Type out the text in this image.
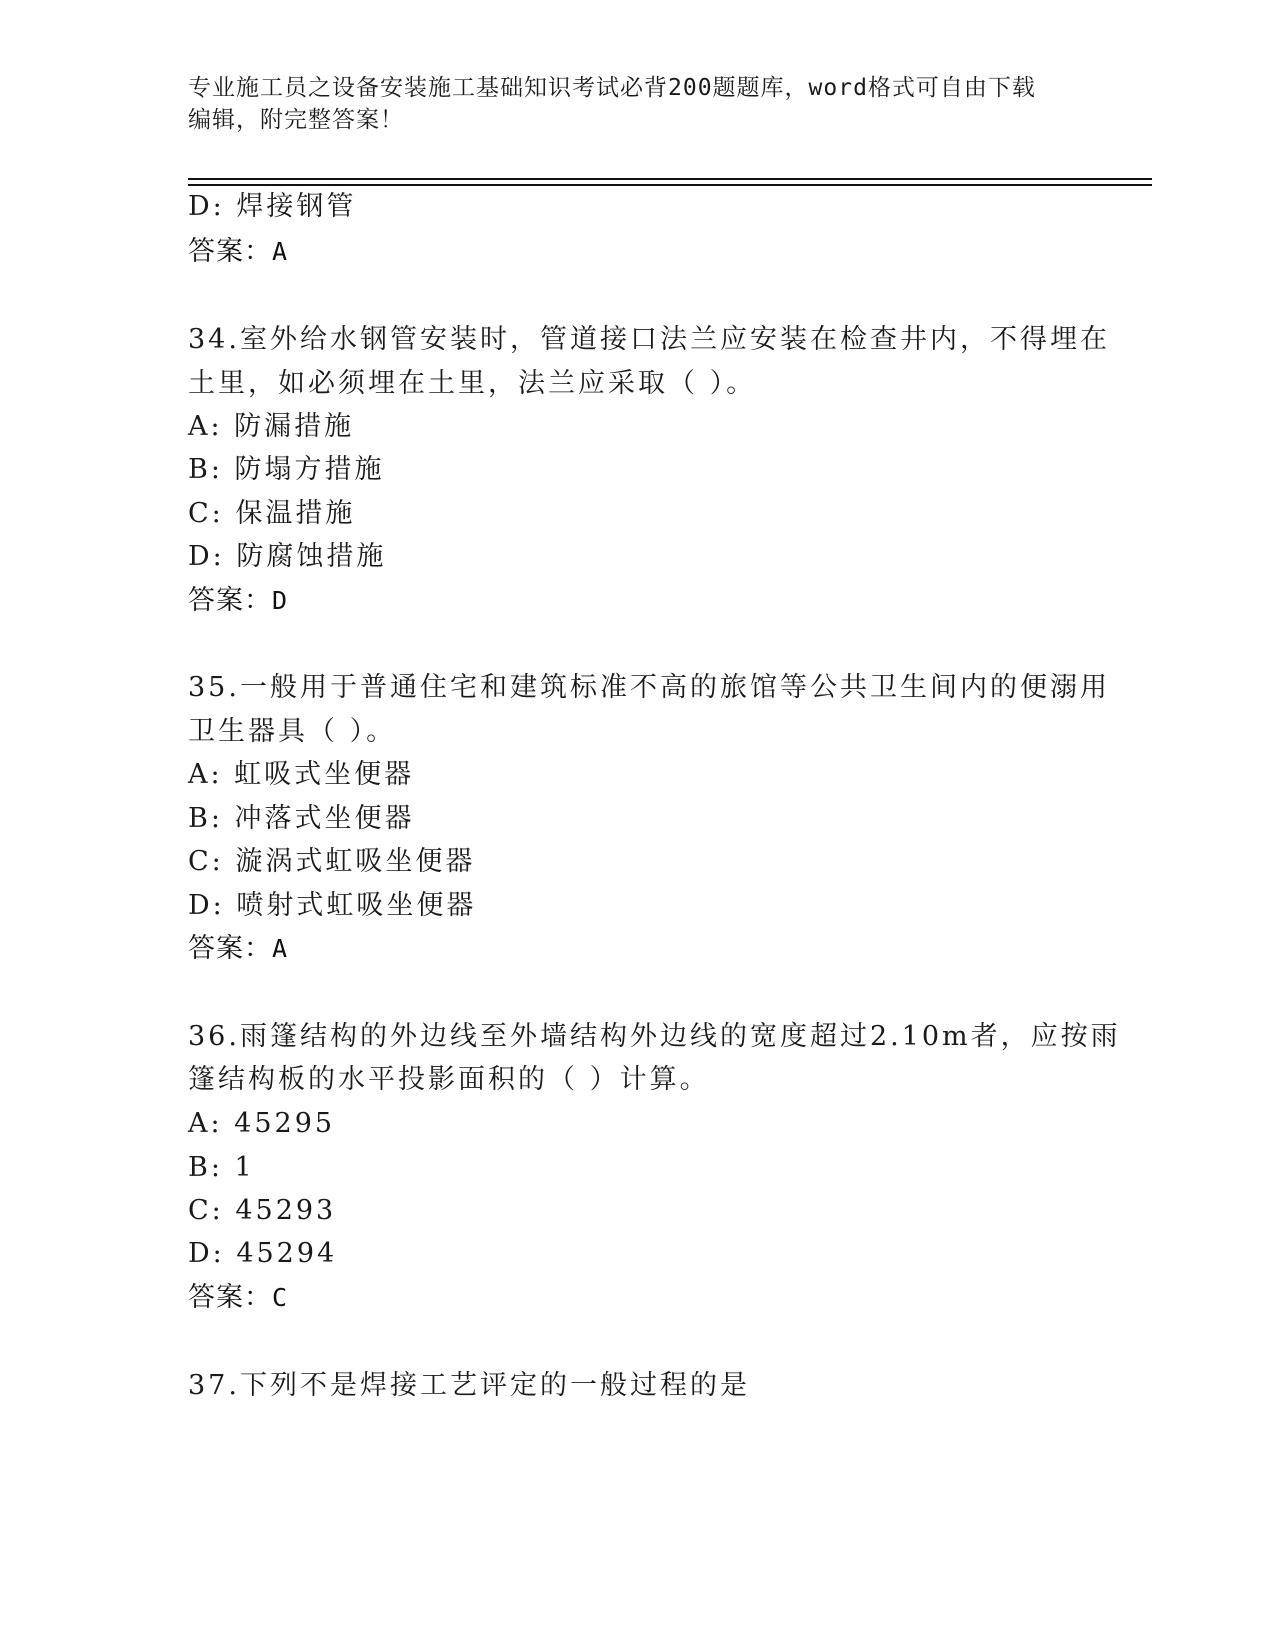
专业施工员之设备安装施工基础知识考试必背200题题库，word格式可自由下载
编辑，附完整答案！
D: 焊接钢管
答案：A
34.室外给水钢管安装时，管道接口法兰应安装在检查井内，不得埋在
土里，如必须埋在土里，法兰应采取（ ）。
A: 防漏措施
B: 防塌方措施
C: 保温措施
D: 防腐蚀措施
答案：D
35.一般用于普通住宅和建筑标准不高的旅馆等公共卫生间内的便溺用
卫生器具（ ）。
A: 虹吸式坐便器
B: 冲落式坐便器
C: 漩涡式虹吸坐便器
D: 喷射式虹吸坐便器
答案：A
36.雨篷结构的外边线至外墙结构外边线的宽度超过2.10m者，应按雨
篷结构板的水平投影面积的（ ）计算。
A: 45295
B: 1
C: 45293
D: 45294
答案：C
37.下列不是焊接工艺评定的一般过程的是
